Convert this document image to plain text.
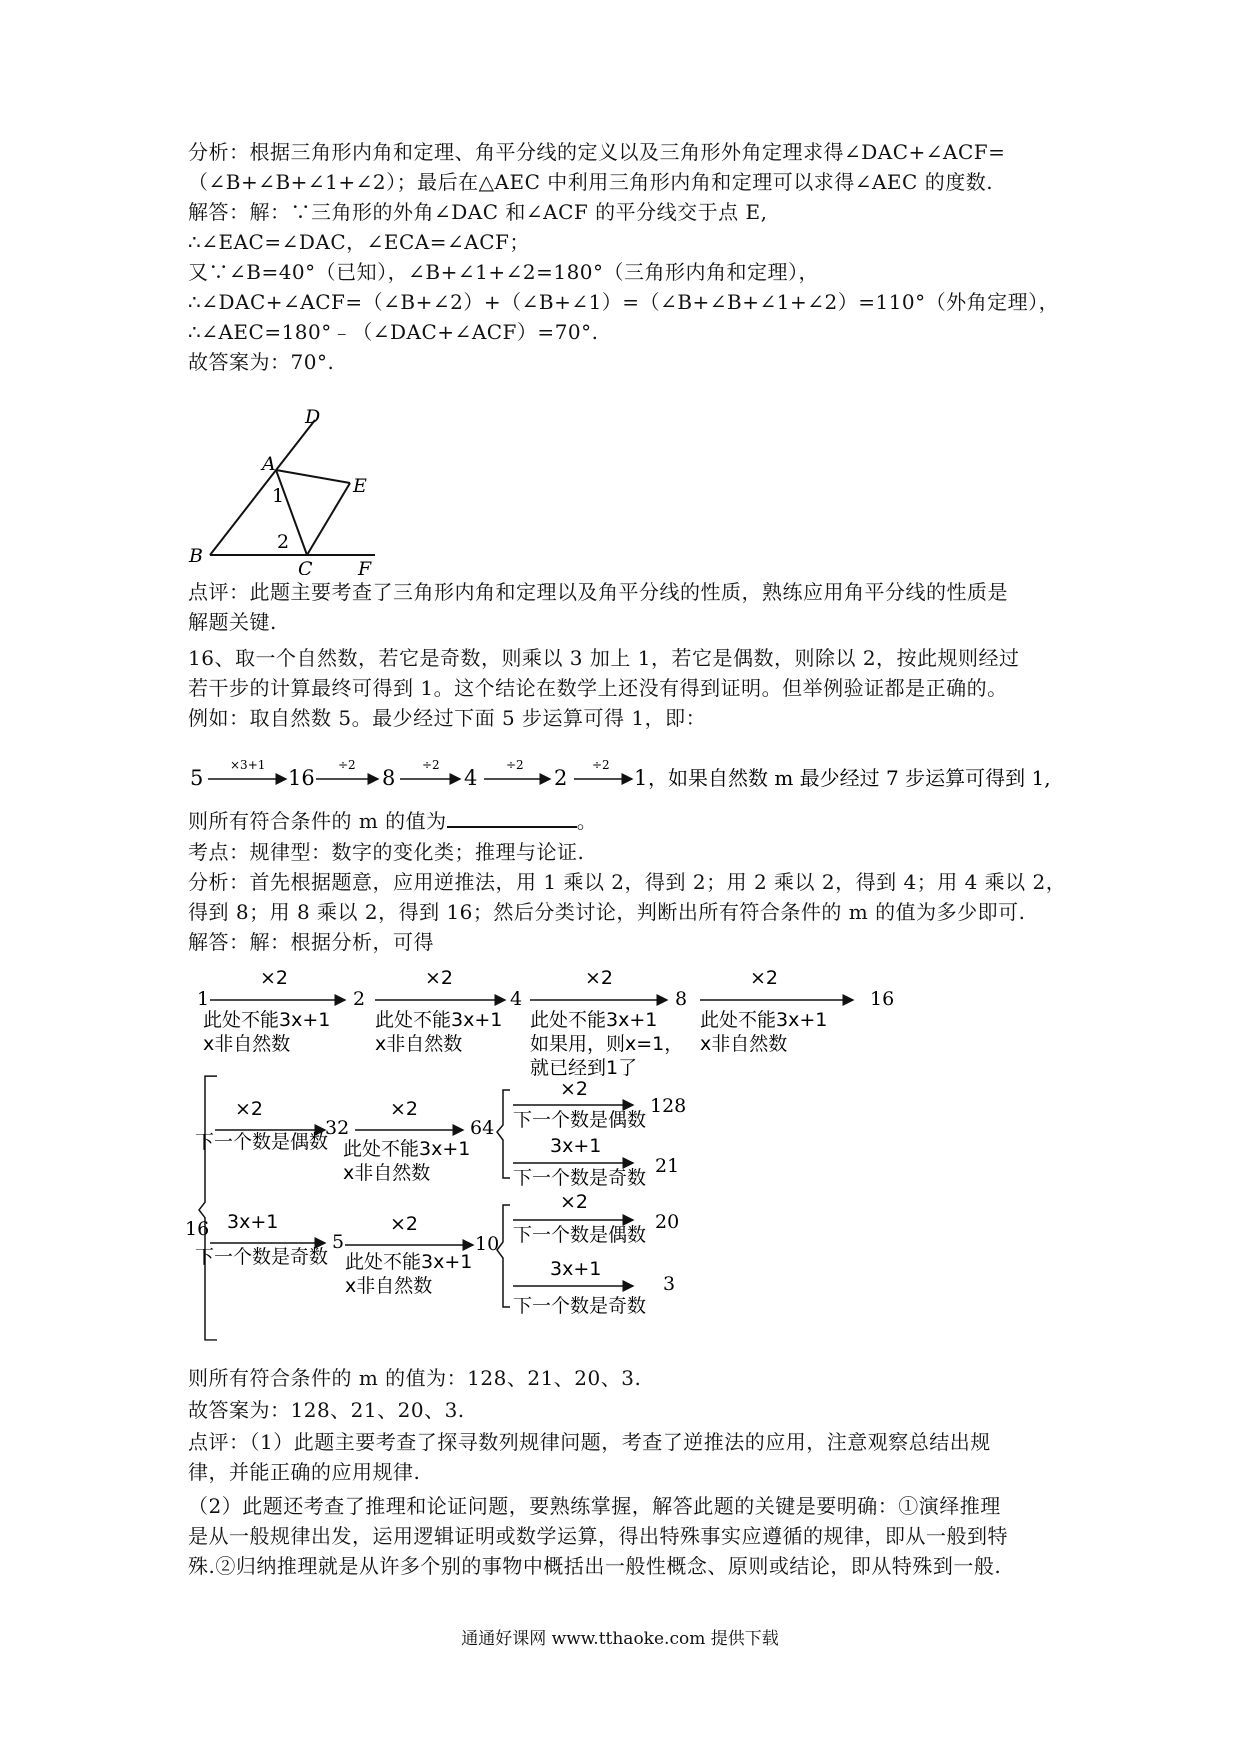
分析：根据三角形内角和定理、角平分线的定义以及三角形外角定理求得∠DAC+∠ACF=
（∠B+∠B+∠1+∠2）；最后在△AEC 中利用三角形内角和定理可以求得∠AEC 的度数.
解答：解：∵三角形的外角∠DAC 和∠ACF 的平分线交于点 E,
∴∠EAC=∠DAC，∠ECA=∠ACF；
又∵∠B=40°（已知），∠B+∠1+∠2=180°（三角形内角和定理），
∴∠DAC+∠ACF=（∠B+∠2）+（∠B+∠1）=（∠B+∠B+∠1+∠2）=110°（外角定理），
∴∠AEC=180°﹣（∠DAC+∠ACF）=70°.
故答案为：70°.
D
A
E
B
C F
1
2
点评：此题主要考查了三角形内角和定理以及角平分线的性质，熟练应用角平分线的性质是
解题关键.
16、取一个自然数，若它是奇数，则乘以 3 加上 1，若它是偶数，则除以 2，按此规则经过
若干步的计算最终可得到 1。这个结论在数学上还没有得到证明。但举例验证都是正确的。
例如：取自然数 5。最少经过下面 5 步运算可得 1，即：
5
×3+1
16
÷2
8
÷2
4
÷2
2
÷2
1 ，如果自然数 m 最少经过 7 步运算可得到 1,
则所有符合条件的 m 的值为	。
考点：规律型：数字的变化类；推理与论证.
分析：首先根据题意，应用逆推法，用 1 乘以 2，得到 2；用 2 乘以 2，得到 4；用 4 乘以 2，
得到 8；用 8 乘以 2，得到 16；然后分类讨论，判断出所有符合条件的 m 的值为多少即可.
解答：解：根据分析，可得
1
×2
此处不能3x+1
x非自然数
2
×2
此处不能3x+1
x非自然数
4
×2
此处不能3x+1
如果用，则x=1，
就已经到1了
8
×2
此处不能3x+1
x非自然数
16
16
×2
下一个数是偶数
32
×2
此处不能3x+1
x非自然数
64
×2
下一个数是偶数
128
3x+1
下一个数是奇数
21
3x+1
下一个数是奇数
5
×2
此处不能3x+1
x非自然数
10
×2
下一个数是偶数
20
3x+1
下一个数是奇数
3
则所有符合条件的 m 的值为：128、21、20、3.
故答案为：128、21、20、3.
点评：（1）此题主要考查了探寻数列规律问题，考查了逆推法的应用，注意观察总结出规
律，并能正确的应用规律.
（2）此题还考查了推理和论证问题，要熟练掌握，解答此题的关键是要明确：①演绎推理
是从一般规律出发，运用逻辑证明或数学运算，得出特殊事实应遵循的规律，即从一般到特
殊.②归纳推理就是从许多个别的事物中概括出一般性概念、原则或结论，即从特殊到一般.
通通好课网 www.tthaoke.com 提供下载
